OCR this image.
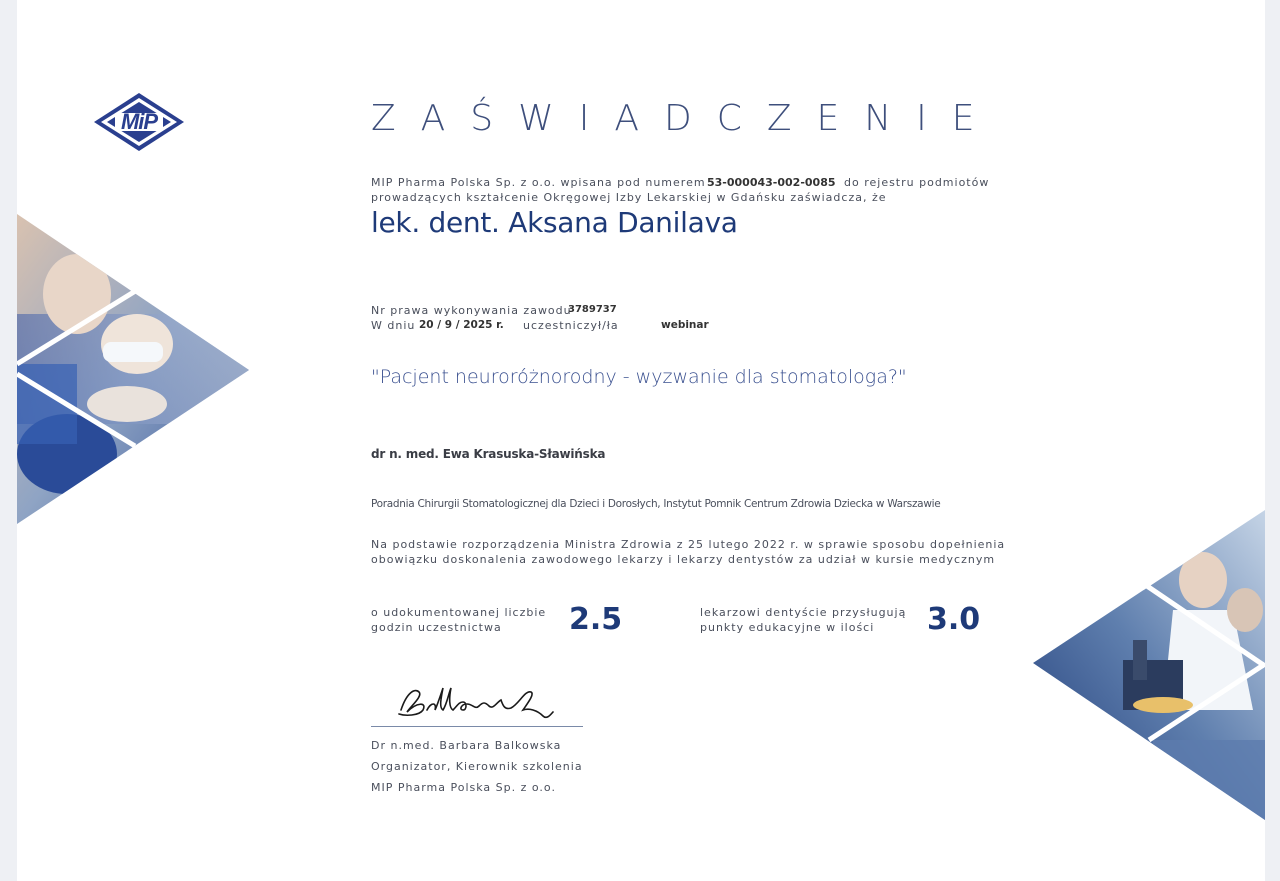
MiP	ZAŚWIADCZENIE
MIP Pharma Polska Sp. z o.o. wpisana pod numerem 53-000043-002-0085 do rejestru podmiotów
prowadzących kształcenie Okręgowej Izby Lekarskiej w Gdańsku zaświadcza, że
lek. dent. Aksana Danilava
Nr prawa wykonywania zawodu
3789737
W dniu 20 / 9 / 2025 r. uczestniczył/ła	webinar
"Pacjent neuroróżnorodny - wyzwanie dla stomatologa?"
dr n. med. Ewa Krasuska-Sławińska
Poradnia Chirurgii Stomatologicznej dla Dzieci i Dorosłych, Instytut Pomnik Centrum Zdrowia Dziecka w Warszawie
Na podstawie rozporządzenia Ministra Zdrowia z 25 lutego 2022 r. w sprawie sposobu dopełnienia
obowiązku doskonalenia zawodowego lekarzy i lekarzy dentystów za udział w kursie medycznym
o udokumentowanej liczbie
godzin uczestnictwa 2.5	lekarzowi dentyście przysługują
punkty edukacyjne w ilości 3.0
Dr n.med. Barbara Balkowska
Organizator, Kierownik szkolenia
MIP Pharma Polska Sp. z o.o.
